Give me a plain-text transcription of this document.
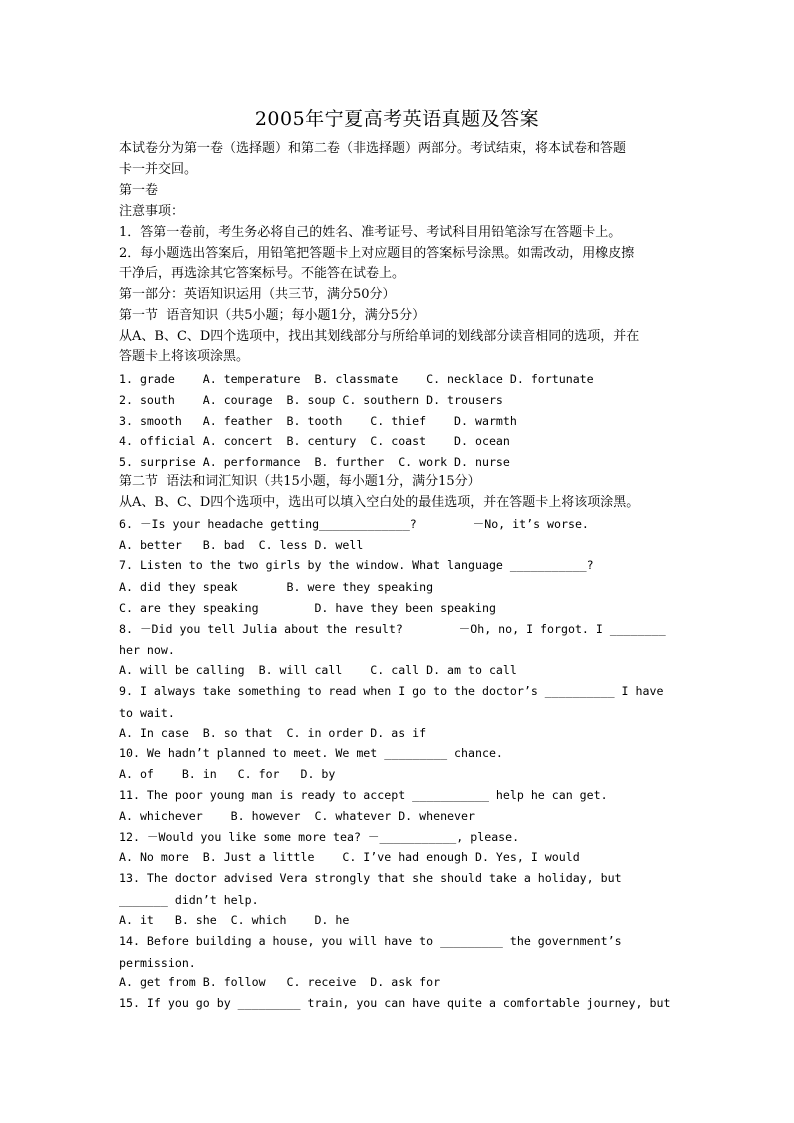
2005年宁夏高考英语真题及答案
本试卷分为第一卷（选择题）和第二卷（非选择题）两部分。考试结束，将本试卷和答题
卡一并交回。
第一卷
注意事项：
1．答第一卷前，考生务必将自己的姓名、准考证号、考试科目用铅笔涂写在答题卡上。
2．每小题选出答案后，用铅笔把答题卡上对应题目的答案标号涂黑。如需改动，用橡皮擦
干净后，再选涂其它答案标号。不能答在试卷上。
第一部分：英语知识运用（共三节，满分50分）
第一节  语音知识（共5小题；每小题1分，满分5分）
从A、B、C、D四个选项中，找出其划线部分与所给单词的划线部分读音相同的选项，并在
答题卡上将该项涂黑。
1. grade    A. temperature  B. classmate    C. necklace D. fortunate
2. south    A. courage  B. soup C. southern D. trousers
3. smooth   A. feather  B. tooth    C. thief    D. warmth
4. official A. concert  B. century  C. coast    D. ocean
5. surprise A. performance  B. further  C. work D. nurse
第二节  语法和词汇知识（共15小题，每小题1分，满分15分）
从A、B、C、D四个选项中，选出可以填入空白处的最佳选项，并在答题卡上将该项涂黑。
6. －Is your headache getting_____________?        －No, it’s worse.
A. better   B. bad  C. less D. well
7. Listen to the two girls by the window. What language ___________?
A. did they speak       B. were they speaking
C. are they speaking        D. have they been speaking
8. －Did you tell Julia about the result?        －Oh, no, I forgot. I ________
her now.
A. will be calling  B. will call    C. call D. am to call
9. I always take something to read when I go to the doctor’s __________ I have
to wait.
A. In case  B. so that  C. in order D. as if
10. We hadn’t planned to meet. We met _________ chance.
A. of    B. in   C. for   D. by
11. The poor young man is ready to accept ___________ help he can get.
A. whichever    B. however  C. whatever D. whenever
12. －Would you like some more tea? －___________, please.
A. No more  B. Just a little    C. I’ve had enough D. Yes, I would
13. The doctor advised Vera strongly that she should take a holiday, but
_______ didn’t help.
A. it   B. she  C. which    D. he
14. Before building a house, you will have to _________ the government’s
permission.
A. get from B. follow   C. receive  D. ask for
15. If you go by _________ train, you can have quite a comfortable journey, but
